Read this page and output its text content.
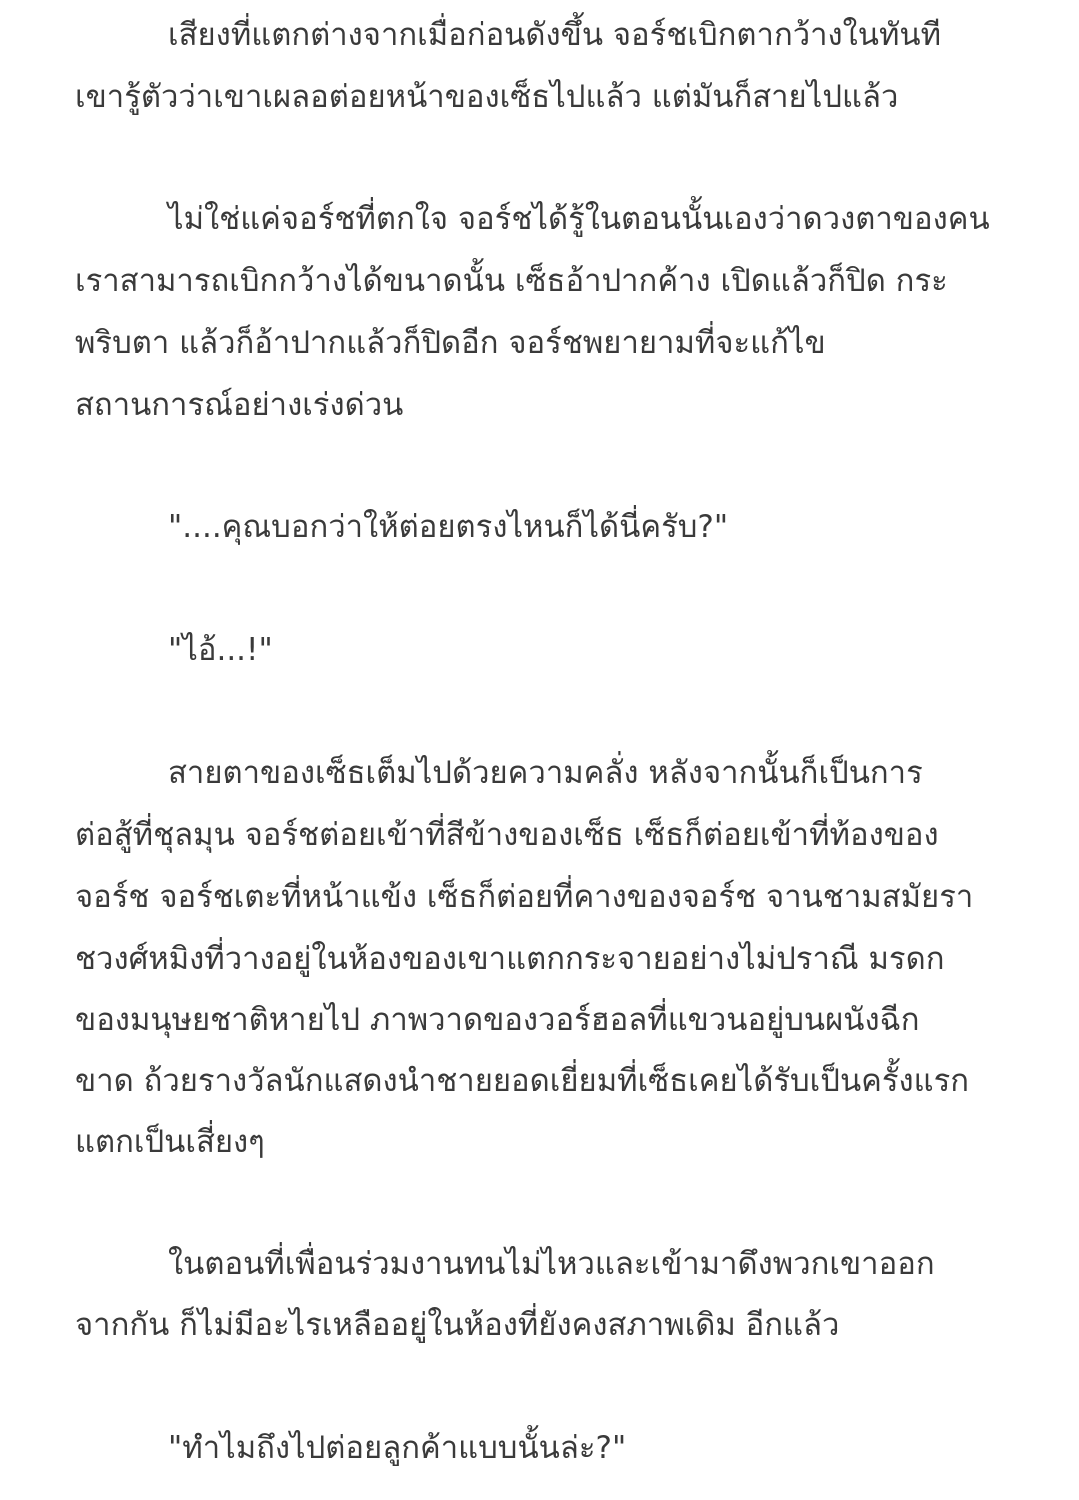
เสียงที่แตกต่างจากเมื่อก่อนดังขึ้น จอร์ชเบิกตากว้างในทันที
เขารู้ตัวว่าเขาเผลอต่อยหน้าของเซ็ธไปแล้ว แต่มันก็สายไปแล้ว
ไม่ใช่แค่จอร์ชที่ตกใจ จอร์ชได้รู้ในตอนนั้นเองว่าดวงตาของคน
เราสามารถเบิกกว้างได้ขนาดนั้น เซ็ธอ้าปากค้าง เปิดแล้วก็ปิด กระ
พริบตา แล้วก็อ้าปากแล้วก็ปิดอีก จอร์ชพยายามที่จะแก้ไข
สถานการณ์อย่างเร่งด่วน
"....คุณบอกว่าให้ต่อยตรงไหนก็ได้นี่ครับ?"
"ไอ้...!"
สายตาของเซ็ธเต็มไปด้วยความคลั่ง หลังจากนั้นก็เป็นการ
ต่อสู้ที่ชุลมุน จอร์ชต่อยเข้าที่สีข้างของเซ็ธ เซ็ธก็ต่อยเข้าที่ท้องของ
จอร์ช จอร์ชเตะที่หน้าแข้ง เซ็ธก็ต่อยที่คางของจอร์ช จานชามสมัยรา
ชวงศ์หมิงที่วางอยู่ในห้องของเขาแตกกระจายอย่างไม่ปราณี มรดก
ของมนุษยชาติหายไป ภาพวาดของวอร์ฮอลที่แขวนอยู่บนผนังฉีก
ขาด ถ้วยรางวัลนักแสดงนำชายยอดเยี่ยมที่เซ็ธเคยได้รับเป็นครั้งแรก
แตกเป็นเสี่ยงๆ
ในตอนที่เพื่อนร่วมงานทนไม่ไหวและเข้ามาดึงพวกเขาออก
จากกัน ก็ไม่มีอะไรเหลืออยู่ในห้องที่ยังคงสภาพเดิม อีกแล้ว
"ทำไมถึงไปต่อยลูกค้าแบบนั้นล่ะ?"
